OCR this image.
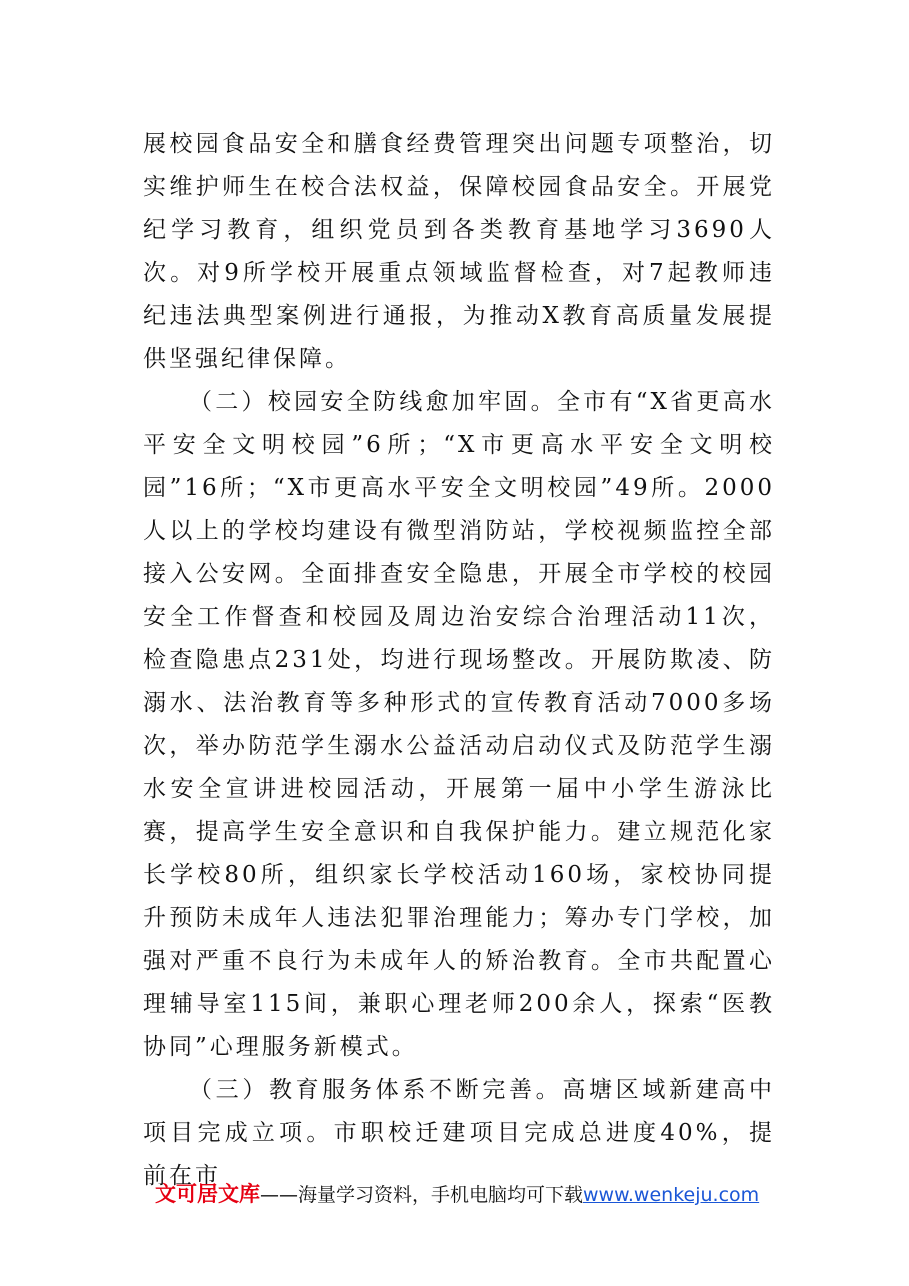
展校园食品安全和膳食经费管理突出问题专项整治，切实维护师生在校合法权益，保障校园食品安全。开展党纪学习教育，组织党员到各类教育基地学习3690人次。对9所学校开展重点领域监督检查，对7起教师违纪违法典型案例进行通报，为推动X教育高质量发展提供坚强纪律保障。

（二）校园安全防线愈加牢固。全市有“X省更高水平安全文明校园”6所；“X市更高水平安全文明校园”16所；“X市更高水平安全文明校园”49所。2000人以上的学校均建设有微型消防站，学校视频监控全部接入公安网。全面排查安全隐患，开展全市学校的校园安全工作督查和校园及周边治安综合治理活动11次，检查隐患点231处，均进行现场整改。开展防欺凌、防溺水、法治教育等多种形式的宣传教育活动7000多场次，举办防范学生溺水公益活动启动仪式及防范学生溺水安全宣讲进校园活动，开展第一届中小学生游泳比赛，提高学生安全意识和自我保护能力。建立规范化家长学校80所，组织家长学校活动160场，家校协同提升预防未成年人违法犯罪治理能力；筹办专门学校，加强对严重不良行为未成年人的矫治教育。全市共配置心理辅导室115间，兼职心理老师200余人，探索“医教协同”心理服务新模式。

（三）教育服务体系不断完善。高塘区域新建高中项目完成立项。市职校迁建项目完成总进度40%，提前在市

文可居文库——海量学习资料，手机电脑均可下载www.wenkeju.com
